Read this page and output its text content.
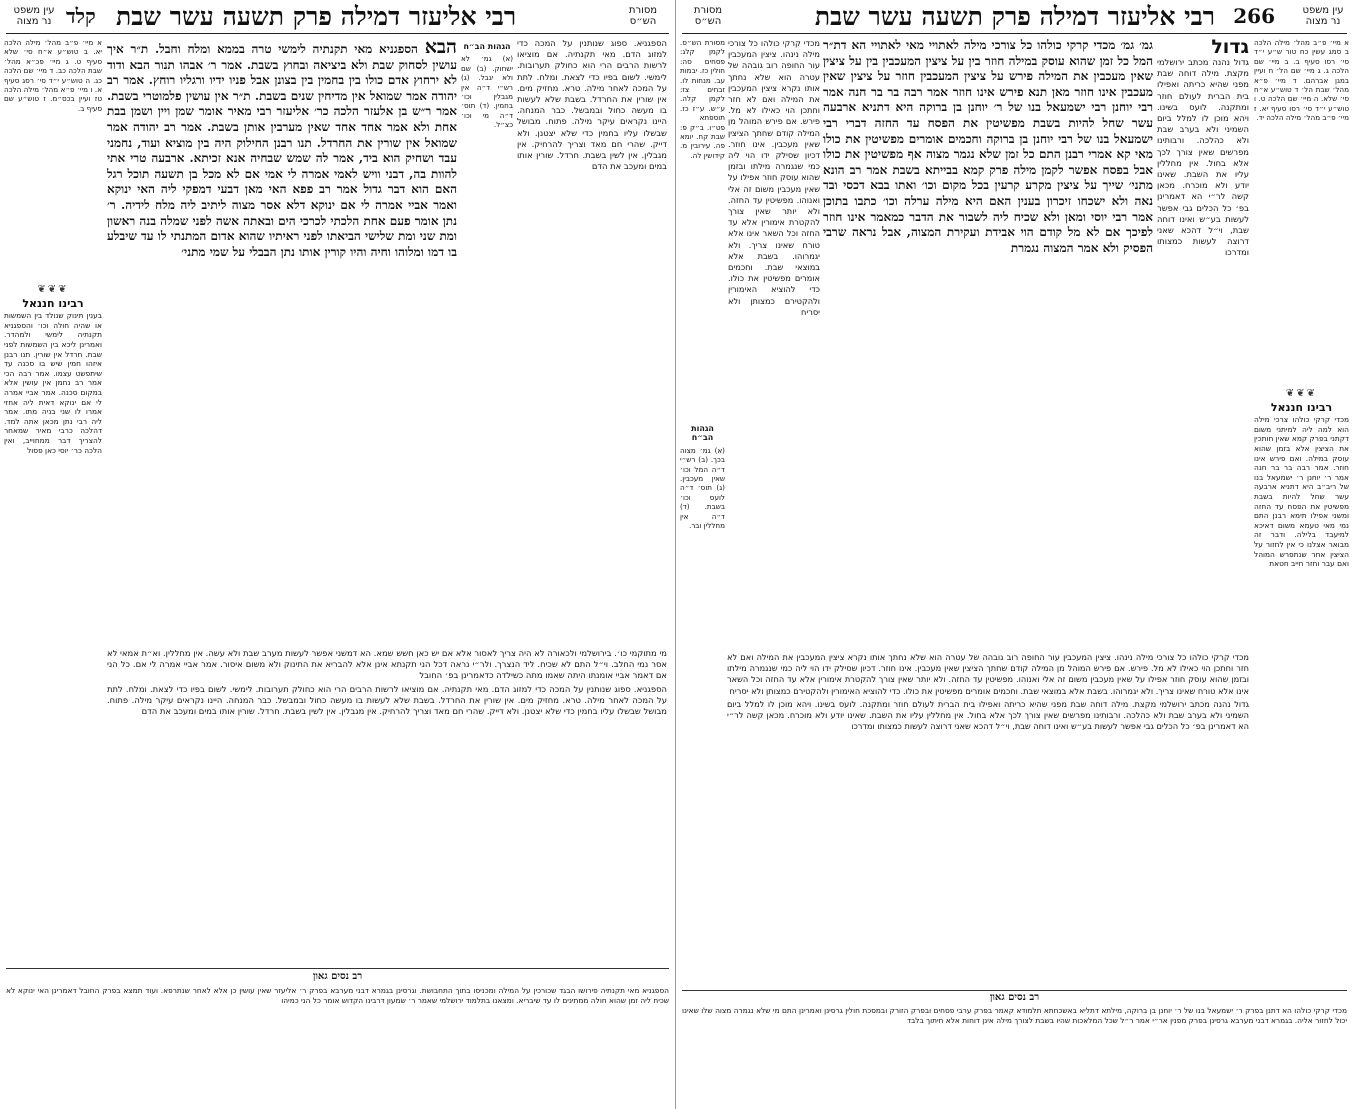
עין משפט נר מצוה
266
רבי אליעזר דמילה פרק תשעה עשר שבת
מסורת הש״ס
א מיי׳ פ״ב מהל׳ מילה הלכה ב סמג עשין כח טור ש״ע י״ד סי׳ רסו סעיף ב. ב מיי׳ שם הלכה ג. ג מיי׳ שם הל׳ ח ועיין במגן אברהם. ד מיי׳ פ״א מהל׳ שבת הל׳ ד טוש״ע א״ח סי׳ שלא. ה מיי׳ שם הלכה ט. ו טוש״ע י״ד סי׳ רסו סעיף יא. ז מיי׳ פ״ב מהל׳ מילה הלכה יד.
❦❦❦
רבינו חננאל

מכדי קרקי כולהו צרכי מילה הוא למה ליה למיתני משום דקתני בפרק קמא שאין חותכין את הציצין אלא בזמן שהוא עוסק במילה. ואם פירש אינו חוזר. אמר רבה בר בר חנה אמר ר׳ יוחנן ר׳ ישמעאל בנו של ריב״ב היא דתניא ארבעה עשר שחל להיות בשבת מפשיטין את הפסח עד החזה ומשני אפילו תימא רבנן התם נמי מאי טעמא משום דאיכא למיעבד בלילה. ודבר זה מבואר אצלנו כי אין לחזור על הציצין אחר שנתפרש המוהל ואם עבר וחזר חייב חטאת

גדול

גדול נהנה מכתב ירושלמי מקצת. מילה דוחה שבת מפני שהיא כריתה ואפילו בית הברית לעולם חוזר ומתקנה. לועס בשינו. ויהא מוכן לו למלל ביום השמיני ולא בערב שבת ולא כהלכה. ורבותינו מפרשים שאין צורך לכך אלא בחול. אין מחללין עליו את השבת. שאינו יודע ולא מוכרח. מכאן קשה לר״י הא דאמרינן בפ׳ כל הכלים גבי אפשר לעשות בע״ש ואינו דוחה שבת, וי״ל דהכא שאני דרוצה לעשות כמצותו ומדרכו

גמ׳ גמ׳ מכדי קרקי כולהו כל צורכי מילה לאתויי מאי לאתויי הא דת״ר המל כל זמן שהוא עוסק במילה חוזר בין על ציצין המעכבין בין על ציצין שאין מעכבין את המילה פירש על ציצין המעכבין חוזר על ציצין שאין מעכבין אינו חוזר מאן תנא פירש אינו חוזר אמר רבה בר בר חנה אמר רבי יוחנן רבי ישמעאל בנו של ר׳ יוחנן בן ברוקה היא דתניא ארבעה עשר שחל להיות בשבת מפשיטין את הפסח עד החזה דברי רבי ישמעאל בנו של רבי יוחנן בן ברוקה וחכמים אומרים מפשיטין את כולו מאי קא אמרי רבנן התם כל זמן שלא נגמר מצוה אף מפשיטין את כולו אבל בפסח אפשר לקמן מילה פרק קמא בבייתא בשבת אמר רב הונא מתני׳ שייך על ציצין מקרע קרעין בכל מקום וכו׳ ואתו בבא דכסי ובד נאה ולא ישכחו זיכרון בענין האם היא מילה ערלה וכו׳ כתבו בתוכן אמר רבי יוסי ומאן ולא שכיח ליה לשבור את הדבר כמאמר אינו חוזר לפיכך אם לא מל קודם הוי אבידת ועקירת המצוה, אבל נראה שרבי הפסיק ולא אמר המצוה נגמרת
מכדי קרקי כולהו כל צורכי מילה נינהו. ציצין המעכבין עור החופה רוב גובהה של עטרה הוא שלא נחתך אותו נקרא ציצין המעכבין את המילה ואם לא חזר וחתכן הוי כאילו לא מל. פירש. אם פירש המוהל מן המילה קודם שחתך הציצין שאין מעכבין. אינו חוזר. דכיון שסילק ידו הוי ליה כמי שנגמרה מילתו ובזמן שהוא עוסק חוזר אפילו על שאין מעכבין משום זה אלי ואנוהו. מפשיטין עד החזה. ולא יותר שאין צורך להקטרת אימורין אלא עד החזה וכל השאר אינו אלא טורח שאינו צריך. ולא יגמרוהו. בשבת אלא במוצאי שבת. וחכמים אומרים מפשיטין את כולו. כדי להוציא האימורין ולהקטירם כמצותן ולא יסריח
מסורת הש״ס. לקמן קלג: פסחים סה: חולין כז. יבמות עב. מנחות לו. זבחים צז: לקמן קלה. ע״ש. ע״ז כז. תוספתא פט״ו. ב״ק פ: שבת קח. יומא פה. עירובין מ. קידושין לה.
הגהות הב״ח

(א) גמ׳ מצוה בכך. (ב) רש״י ד״ה המל וכו׳ שאין מעכבין. (ג) תוס׳ ד״ה לועס וכו׳ בשבת. (ד) ד״ה אין מחללין ובר.

מכדי קרקי כולהו כל צורכי מילה נינהו. ציצין המעכבין עור החופה רוב גובהה של עטרה הוא שלא נחתך אותו נקרא ציצין המעכבין את המילה ואם לא חזר וחתכן הוי כאילו לא מל. פירש. אם פירש המוהל מן המילה קודם שחתך הציצין שאין מעכבין. אינו חוזר. דכיון שסילק ידו הוי ליה כמי שנגמרה מילתו ובזמן שהוא עוסק חוזר אפילו על שאין מעכבין משום זה אלי ואנוהו. מפשיטין עד החזה. ולא יותר שאין צורך להקטרת אימורין אלא עד החזה וכל השאר אינו אלא טורח שאינו צריך. ולא יגמרוהו. בשבת אלא במוצאי שבת. וחכמים אומרים מפשיטין את כולו. כדי להוציא האימורין ולהקטירם כמצותן ולא יסריח

גדול נהנה מכתב ירושלמי מקצת. מילה דוחה שבת מפני שהיא כריתה ואפילו בית הברית לעולם חוזר ומתקנה. לועס בשינו. ויהא מוכן לו למלל ביום השמיני ולא בערב שבת ולא כהלכה. ורבותינו מפרשים שאין צורך לכך אלא בחול. אין מחללין עליו את השבת. שאינו יודע ולא מוכרח. מכאן קשה לר״י הא דאמרינן בפ׳ כל הכלים גבי אפשר לעשות בע״ש ואינו דוחה שבת, וי״ל דהכא שאני דרוצה לעשות כמצותו ומדרכו

רב נסים גאון
מכדי קרקי כולהו הא דתנן בפרק ר׳ ישמעאל בנו של ר׳ יוחנן בן ברוקה, מילתא דתליא באשכחתא תלמודא קאמר בפרק ערבי פסחים ובפרק הזורק ובמסכת חולין גרסינן ואמרינן התם מי שלא נגמרה מצוה שלו שאינו יכול לחזור אליה. בגמרא דבני מערבא גרסינן בפרק מפנין אר״י אמר ר״ל שכל המלאכות שהיו בשבת לצורך מילה אינן דוחות אלא חיתוך בלבד
עין משפט נר מצוה קלד רבי אליעזר דמילה פרק תשעה עשר שבת	מסורת הש״ס
הספגניא. ספוג שנותנין על המכה כדי למזוג הדם. מאי תקנתיה. אם מוציאו לרשות הרבים הרי הוא כחולק תערובות. לימשי. לשום בפיו כדי לצאת. ומלח. לתת על המכה לאחר מילה. טרא. מחזיק מים. אין שורין את החרדל. בשבת שלא לעשות בו מעשה כחול ובמבשל. כבר המנחה. היינו נקראים עיקר מילה. פתוח. מבושל שבשלו עליו בחמין כדי שלא יצטנן. ולא דייק. שהרי חם מאד וצריך להרחיק. אין מגבלין. אין לשין בשבת. חרדל. שורין אותו במים ומעכב את הדם
הגהות הב״ח

(א) גמ׳ לא ישחוק. (ב) שם ולא יגבל. (ג) רש״י ד״ה אין מגבלין וכו׳ בחמין. (ד) תוס׳ ד״ה מי וכו׳ כצ״ל.

הבא הספגניא מאי תקנתיה לימשי טרה בממא ומלח וחבל. ת״ר איך עושין לסחוק שבת ולא ביציאה ובחוץ בשבת. אמר ר׳ אבהו תנור הבא ודוד לא ירחוץ אדם כולו בין בחמין בין בצונן אבל פניו ידיו ורגליו רוחץ. אמר רב יהודה אמר שמואל אין מדיחין שנים בשבת. ת״ר אין עושין פלמוטרי בשבת. אמר ר״ש בן אלעזר הלכה כר׳ אליעזר רבי מאיר אומר שמן ויין ושמן בבת אחת ולא אמר אחד אחד שאין מערבין אותן בשבת. אמר רב יהודה אמר שמואל אין שורין את החרדל. תנו רבנן החילוק היה בין מוציא ועוד, נחמני עבד ושחיק הוא ביד, אמר לה שמש שבחיה אנא זכיתא. ארבעה טרי אתי להוות בה, דבני וויש לאמי אמרה לי אמי אם לא מכל בן תשעה תוכל רגל האם הוא דבר גדול אמר רב פפא האי מאן דבעי דמפקי ליה האי ינוקא ואמר אביי אמרה לי אם ינוקא דלא אסר מצוה ליתיב ליה מלח לידיה. ר׳ נתן אומר פעם אחת הלכתי לכרכי הים ובאתה אשה לפני שמלה בנה ראשון ומת שני ומת שלישי הביאתו לפני ראיתיו שהוא אדום המתנתי לו עד שיבלע בו דמו ומלוהו וחיה והיו קורין אותו נתן הבבלי על שמי מתני׳
א מיי׳ פ״ב מהל׳ מילה הלכה יא. ב טוש״ע א״ח סי׳ שלא סעיף ט. ג מיי׳ פכ״א מהל׳ שבת הלכה כב. ד מיי׳ שם הלכה כג. ה טוש״ע י״ד סי׳ רסג סעיף א. ו מיי׳ פ״א מהל׳ מילה הלכה טז ועיין בכס״מ. ז טוש״ע שם סעיף ב.
❦❦❦
רבינו חננאל

בענין תינוק שנולד בין השמשות או שהיה חולה וכו׳ והספגניא תקנתיה לימשי ולמהדר. ואמרינן ליכא בין השמשות לפני שבת. חרדל אין שורין. תנו רבנן איזהו חמין שיש בו סכנה עד שיתפשט עצמו. אמר רבה הכי אמר רב נחמן אין עושין אלא במקום סכנה. אמר אביי אמרה לי אם ינוקא דאית ליה אחזי אמרו לו שני בניה מתו. אמר ליה רבי נתן מכאן אתה למד. דהלכה כרבי מאיר שמאחר להצריך דבר ממחוייב, ואין הלכה כר׳ יוסי כאן פסול

מי מתוקמי כו׳. בירושלמי ולכאורה לא היה צריך לאסור אלא אם יש כאן חשש שמא. הא דמשני אפשר לעשות מערב שבת ולא עשה. אין מחללין. וא״ת אמאי לא אסר נמי החלב. וי״ל התם לא שכיח. ליד הנצרך. ולר״י נראה דכל הני תקנתא אינן אלא להבריא את התינוק ולא משום איסור. אמר אביי אמרה לי אם. כל הני אם דאמר אביי אומנתו היתה שאמו מתה כשילדה כדאמרינן בפ׳ החובל

הספגניא. ספוג שנותנין על המכה כדי למזוג הדם. מאי תקנתיה. אם מוציאו לרשות הרבים הרי הוא כחולק תערובות. לימשי. לשום בפיו כדי לצאת. ומלח. לתת על המכה לאחר מילה. טרא. מחזיק מים. אין שורין את החרדל. בשבת שלא לעשות בו מעשה כחול ובמבשל. כבר המנחה. היינו נקראים עיקר מילה. פתוח. מבושל שבשלו עליו בחמין כדי שלא יצטנן. ולא דייק. שהרי חם מאד וצריך להרחיק. אין מגבלין. אין לשין בשבת. חרדל. שורין אותו במים ומעכב את הדם

רב נסים גאון
הספגניא מאי תקנתיה פירושו הבגד שכורכין על המילה ומכניסו בתוך התחבושת. וגרסינן בגמרא דבני מערבא בפרק ר׳ אליעזר שאין עושין כן אלא לאחר שנתרפא. ועוד תמצא בפרק החובל דאמרינן האי ינוקא לא שכיח ליה זמן שהוא חולה ממתינים לו עד שיבריא. ומצאנו בתלמוד ירושלמי שאמר ר׳ שמעון דרבינו הקדוש אומר כל הני כמיהו
